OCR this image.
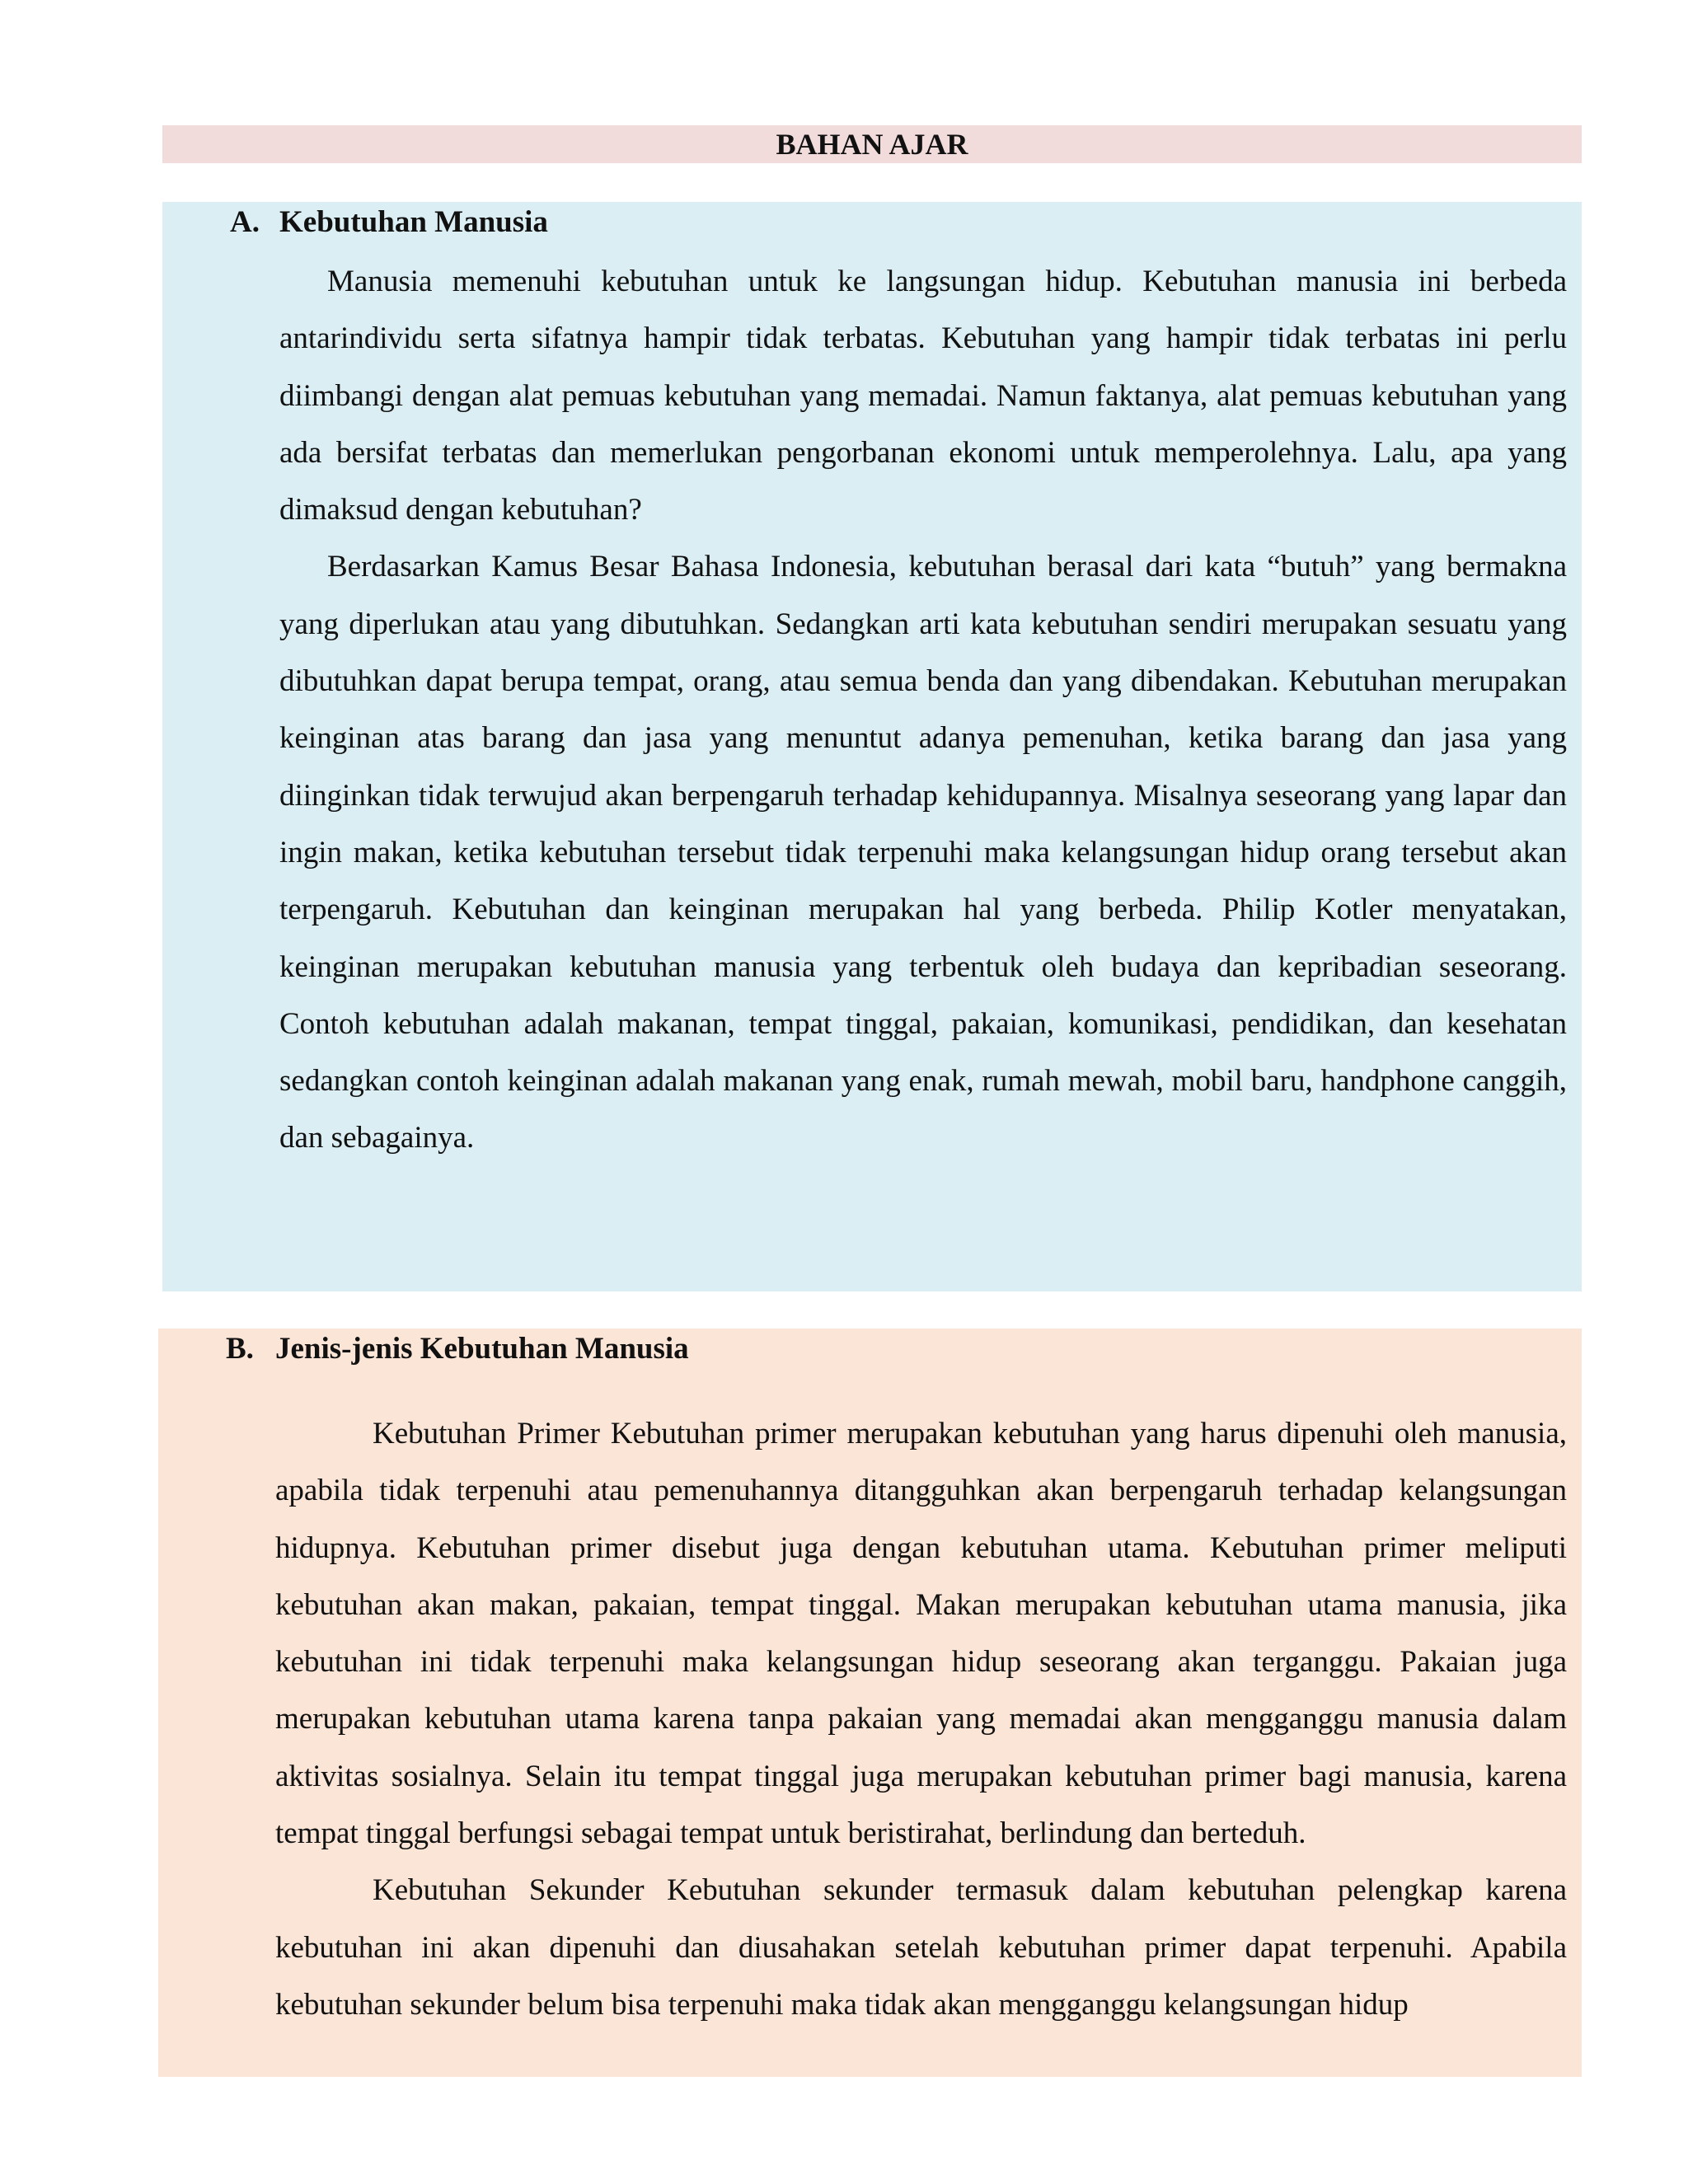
BAHAN AJAR
A. Kebutuhan Manusia

Manusia memenuhi kebutuhan untuk ke langsungan hidup. Kebutuhan manusia ini berbeda antarindividu serta sifatnya hampir tidak terbatas. Kebutuhan yang hampir tidak terbatas ini perlu diimbangi dengan alat pemuas kebutuhan yang memadai. Namun faktanya, alat pemuas kebutuhan yang ada bersifat terbatas dan memerlukan pengorbanan ekonomi untuk memperolehnya. Lalu, apa yang dimaksud dengan kebutuhan?

Berdasarkan Kamus Besar Bahasa Indonesia, kebutuhan berasal dari kata “butuh” yang bermakna yang diperlukan atau yang dibutuhkan. Sedangkan arti kata kebutuhan sendiri merupakan sesuatu yang dibutuhkan dapat berupa tempat, orang, atau semua benda dan yang dibendakan. Kebutuhan merupakan keinginan atas barang dan jasa yang menuntut adanya pemenuhan, ketika barang dan jasa yang diinginkan tidak terwujud akan berpengaruh terhadap kehidupannya. Misalnya seseorang yang lapar dan ingin makan, ketika kebutuhan tersebut tidak terpenuhi maka kelangsungan hidup orang tersebut akan terpengaruh. Kebutuhan dan keinginan merupakan hal yang berbeda. Philip Kotler menyatakan, keinginan merupakan kebutuhan manusia yang terbentuk oleh budaya dan kepribadian seseorang. Contoh kebutuhan adalah makanan, tempat tinggal, pakaian, komunikasi, pendidikan, dan kesehatan sedangkan contoh keinginan adalah makanan yang enak, rumah mewah, mobil baru, handphone canggih, dan sebagainya.

B. Jenis-jenis Kebutuhan Manusia

Kebutuhan Primer Kebutuhan primer merupakan kebutuhan yang harus dipenuhi oleh manusia, apabila tidak terpenuhi atau pemenuhannya ditangguhkan akan berpengaruh terhadap kelangsungan hidupnya. Kebutuhan primer disebut juga dengan kebutuhan utama. Kebutuhan primer meliputi kebutuhan akan makan, pakaian, tempat tinggal. Makan merupakan kebutuhan utama manusia, jika kebutuhan ini tidak terpenuhi maka kelangsungan hidup seseorang akan terganggu. Pakaian juga merupakan kebutuhan utama karena tanpa pakaian yang memadai akan mengganggu manusia dalam aktivitas sosialnya. Selain itu tempat tinggal juga merupakan kebutuhan primer bagi manusia, karena tempat tinggal berfungsi sebagai tempat untuk beristirahat, berlindung dan berteduh.

Kebutuhan Sekunder Kebutuhan sekunder termasuk dalam kebutuhan pelengkap karena kebutuhan ini akan dipenuhi dan diusahakan setelah kebutuhan primer dapat terpenuhi. Apabila kebutuhan sekunder belum bisa terpenuhi maka tidak akan mengganggu kelangsungan hidup
